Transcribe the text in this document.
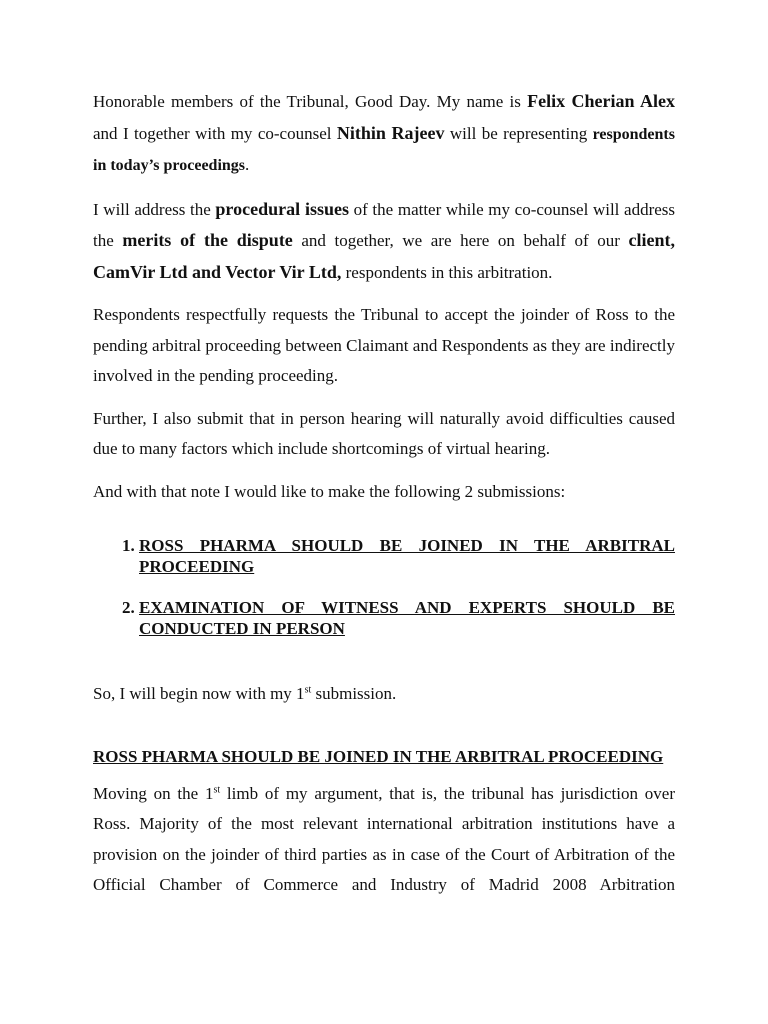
Honorable members of the Tribunal, Good Day. My name is Felix Cherian Alex and I together with my co-counsel Nithin Rajeev will be representing respondents in today’s proceedings.

I will address the procedural issues of the matter while my co-counsel will address the merits of the dispute and together, we are here on behalf of our client, CamVir Ltd and Vector Vir Ltd, respondents in this arbitration.

Respondents respectfully requests the Tribunal to accept the joinder of Ross to the pending arbitral proceeding between Claimant and Respondents as they are indirectly involved in the pending proceeding.

Further, I also submit that in person hearing will naturally avoid difficulties caused due to many factors which include shortcomings of virtual hearing.

And with that note I would like to make the following 2 submissions:

1. ROSS PHARMA SHOULD BE JOINED IN THE ARBITRAL PROCEEDING
2. EXAMINATION OF WITNESS AND EXPERTS SHOULD BE CONDUCTED IN PERSON

So, I will begin now with my 1st submission.

ROSS PHARMA SHOULD BE JOINED IN THE ARBITRAL PROCEEDING

Moving on the 1st limb of my argument, that is, the tribunal has jurisdiction over Ross. Majority of the most relevant international arbitration institutions have a provision on the joinder of third parties as in case of the Court of Arbitration of the Official Chamber of Commerce and Industry of Madrid 2008 Arbitration
